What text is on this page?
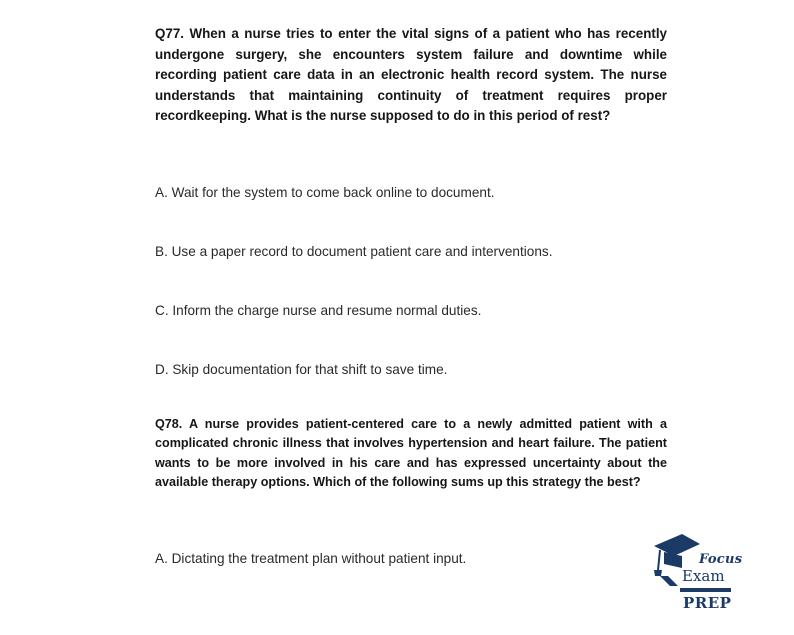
Q77. When a nurse tries to enter the vital signs of a patient who has recently undergone surgery, she encounters system failure and downtime while recording patient care data in an electronic health record system. The nurse understands that maintaining continuity of treatment requires proper recordkeeping. What is the nurse supposed to do in this period of rest?

A. Wait for the system to come back online to document.

B. Use a paper record to document patient care and interventions.

C. Inform the charge nurse and resume normal duties.

D. Skip documentation for that shift to save time.

Q78. A nurse provides patient-centered care to a newly admitted patient with a complicated chronic illness that involves hypertension and heart failure. The patient wants to be more involved in his care and has expressed uncertainty about the available therapy options. Which of the following sums up this strategy the best?

A. Dictating the treatment plan without patient input.	Focus

Exam

PREP
